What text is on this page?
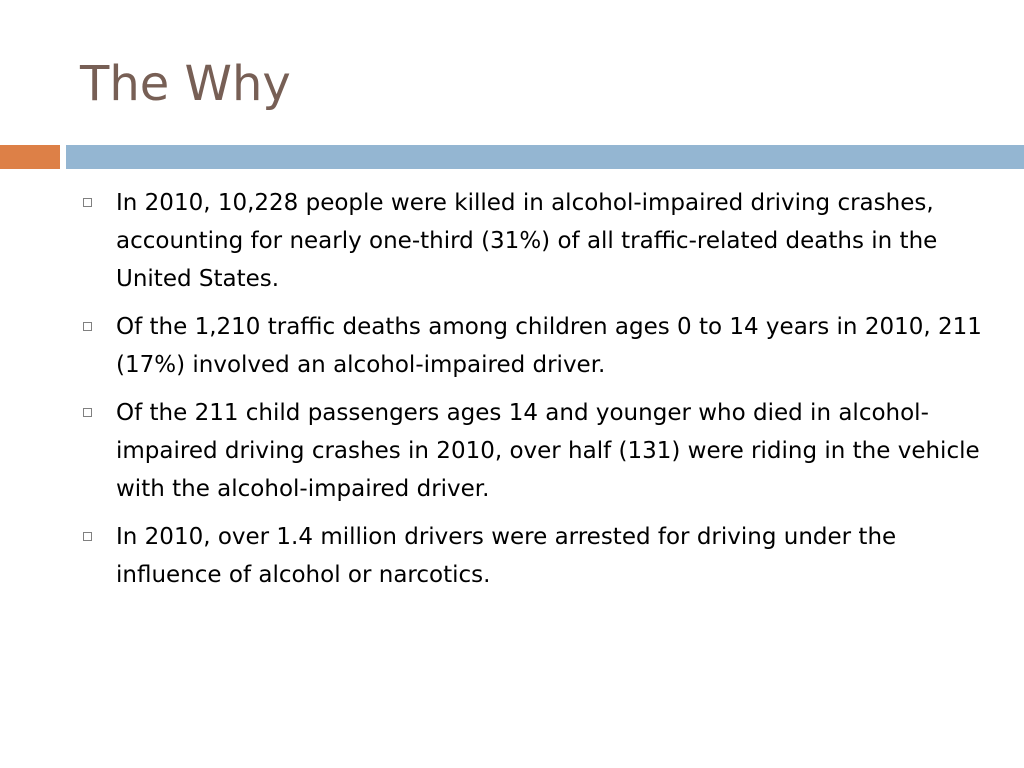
The Why
In 2010, 10,228 people were killed in alcohol-impaired driving crashes, accounting for nearly one-third (31%) of all traffic-related deaths in the United States.
Of the 1,210 traffic deaths among children ages 0 to 14 years in 2010, 211 (17%) involved an alcohol-impaired driver.
Of the 211 child passengers ages 14 and younger who died in alcohol-impaired driving crashes in 2010, over half (131) were riding in the vehicle with the alcohol-impaired driver.
In 2010, over 1.4 million drivers were arrested for driving under the influence of alcohol or narcotics.
